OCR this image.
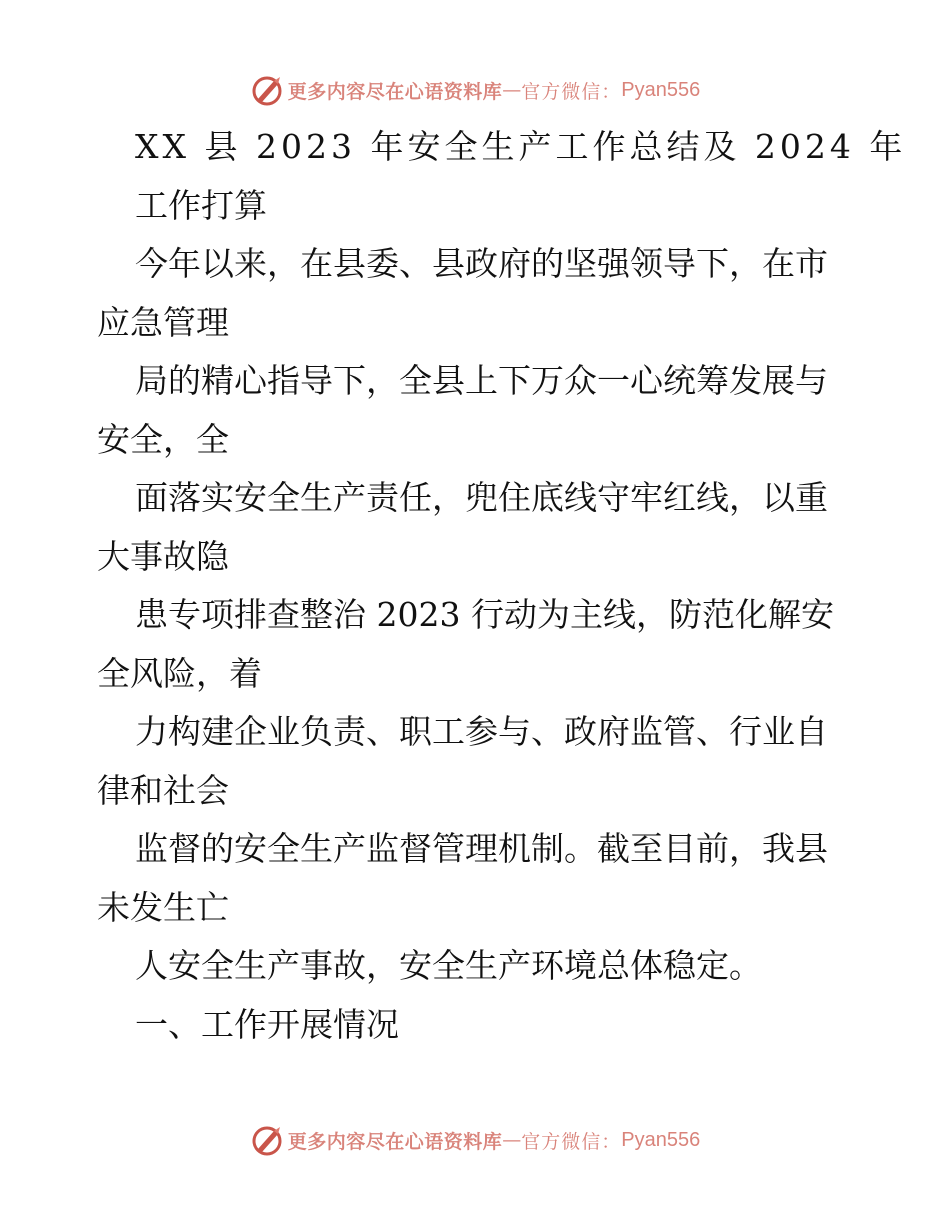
更多内容尽在心语资料库 — 官方微信： Pyan556
XX 县 2023 年安全生产工作总结及 2024 年
工作打算
今年以来，在县委、县政府的坚强领导下，在市
应急管理
局的精心指导下，全县上下万众一心统筹发展与
安全，全
面落实安全生产责任，兜住底线守牢红线，以重
大事故隐
患专项排查整治 2023 行动为主线，防范化解安
全风险，着
力构建企业负责、职工参与、政府监管、行业自
律和社会
监督的安全生产监督管理机制。截至目前，我县
未发生亡
人安全生产事故，安全生产环境总体稳定。
一、工作开展情况
更多内容尽在心语资料库 — 官方微信： Pyan556
